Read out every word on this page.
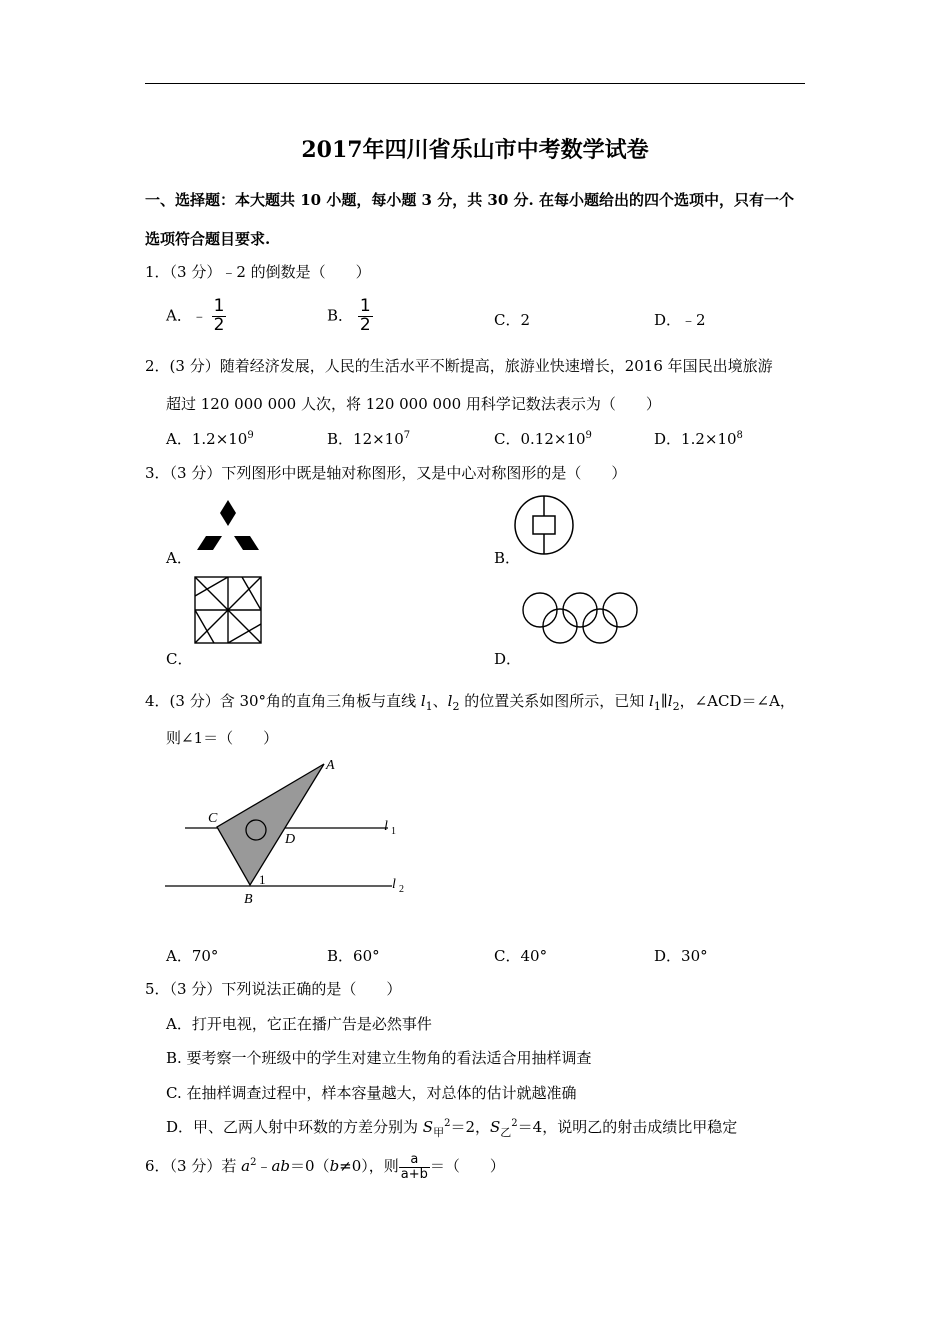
2017年四川省乐山市中考数学试卷
一、选择题：本大题共 10 小题，每小题 3 分，共 30 分. 在每小题给出的四个选项中，只有一个
选项符合题目要求.
1．（3 分）﹣2 的倒数是（　　）
A．﹣ $\frac{1}{2}$	B． $\frac{1}{2}$	C．2	D．﹣2
2．(3 分）随着经济发展，人民的生活水平不断提高，旅游业快速增长，2016 年国民出境旅游
超过 120 000 000 人次，将 120 000 000 用科学记数法表示为（　　）
A．$1.2\times 10^9$	B．$12\times 10^7$	C．$0.12\times 10^9$	D．$1.2\times 10^8$
3．（3 分）下列图形中既是轴对称图形，又是中心对称图形的是（　　）
A．	B．
C．	D．
4．(3 分）含 30°角的直角三角板与直线 $l_1$、$l_2$ 的位置关系如图所示，已知 $l_1\parallel l_2$，∠ACD＝∠A，
则∠1＝（　　）
A
C
D
B
1
l 1
l 2
A．70°	B．60°	C．40°	D．30°
5．（3 分）下列说法正确的是（　　）
A．打开电视，它正在播广告是必然事件
B. 要考察一个班级中的学生对建立生物角的看法适合用抽样调查
C. 在抽样调查过程中，样本容量越大，对总体的估计就越准确
D．甲、乙两人射中环数的方差分别为 $S_甲^2=2$，$S_乙^2=4$，说明乙的射击成绩比甲稳定
6．（3 分）若 $a^2﹣ab=0(b\ne 0)$，则 $\frac{a}{a+b}$ ＝（　　）
